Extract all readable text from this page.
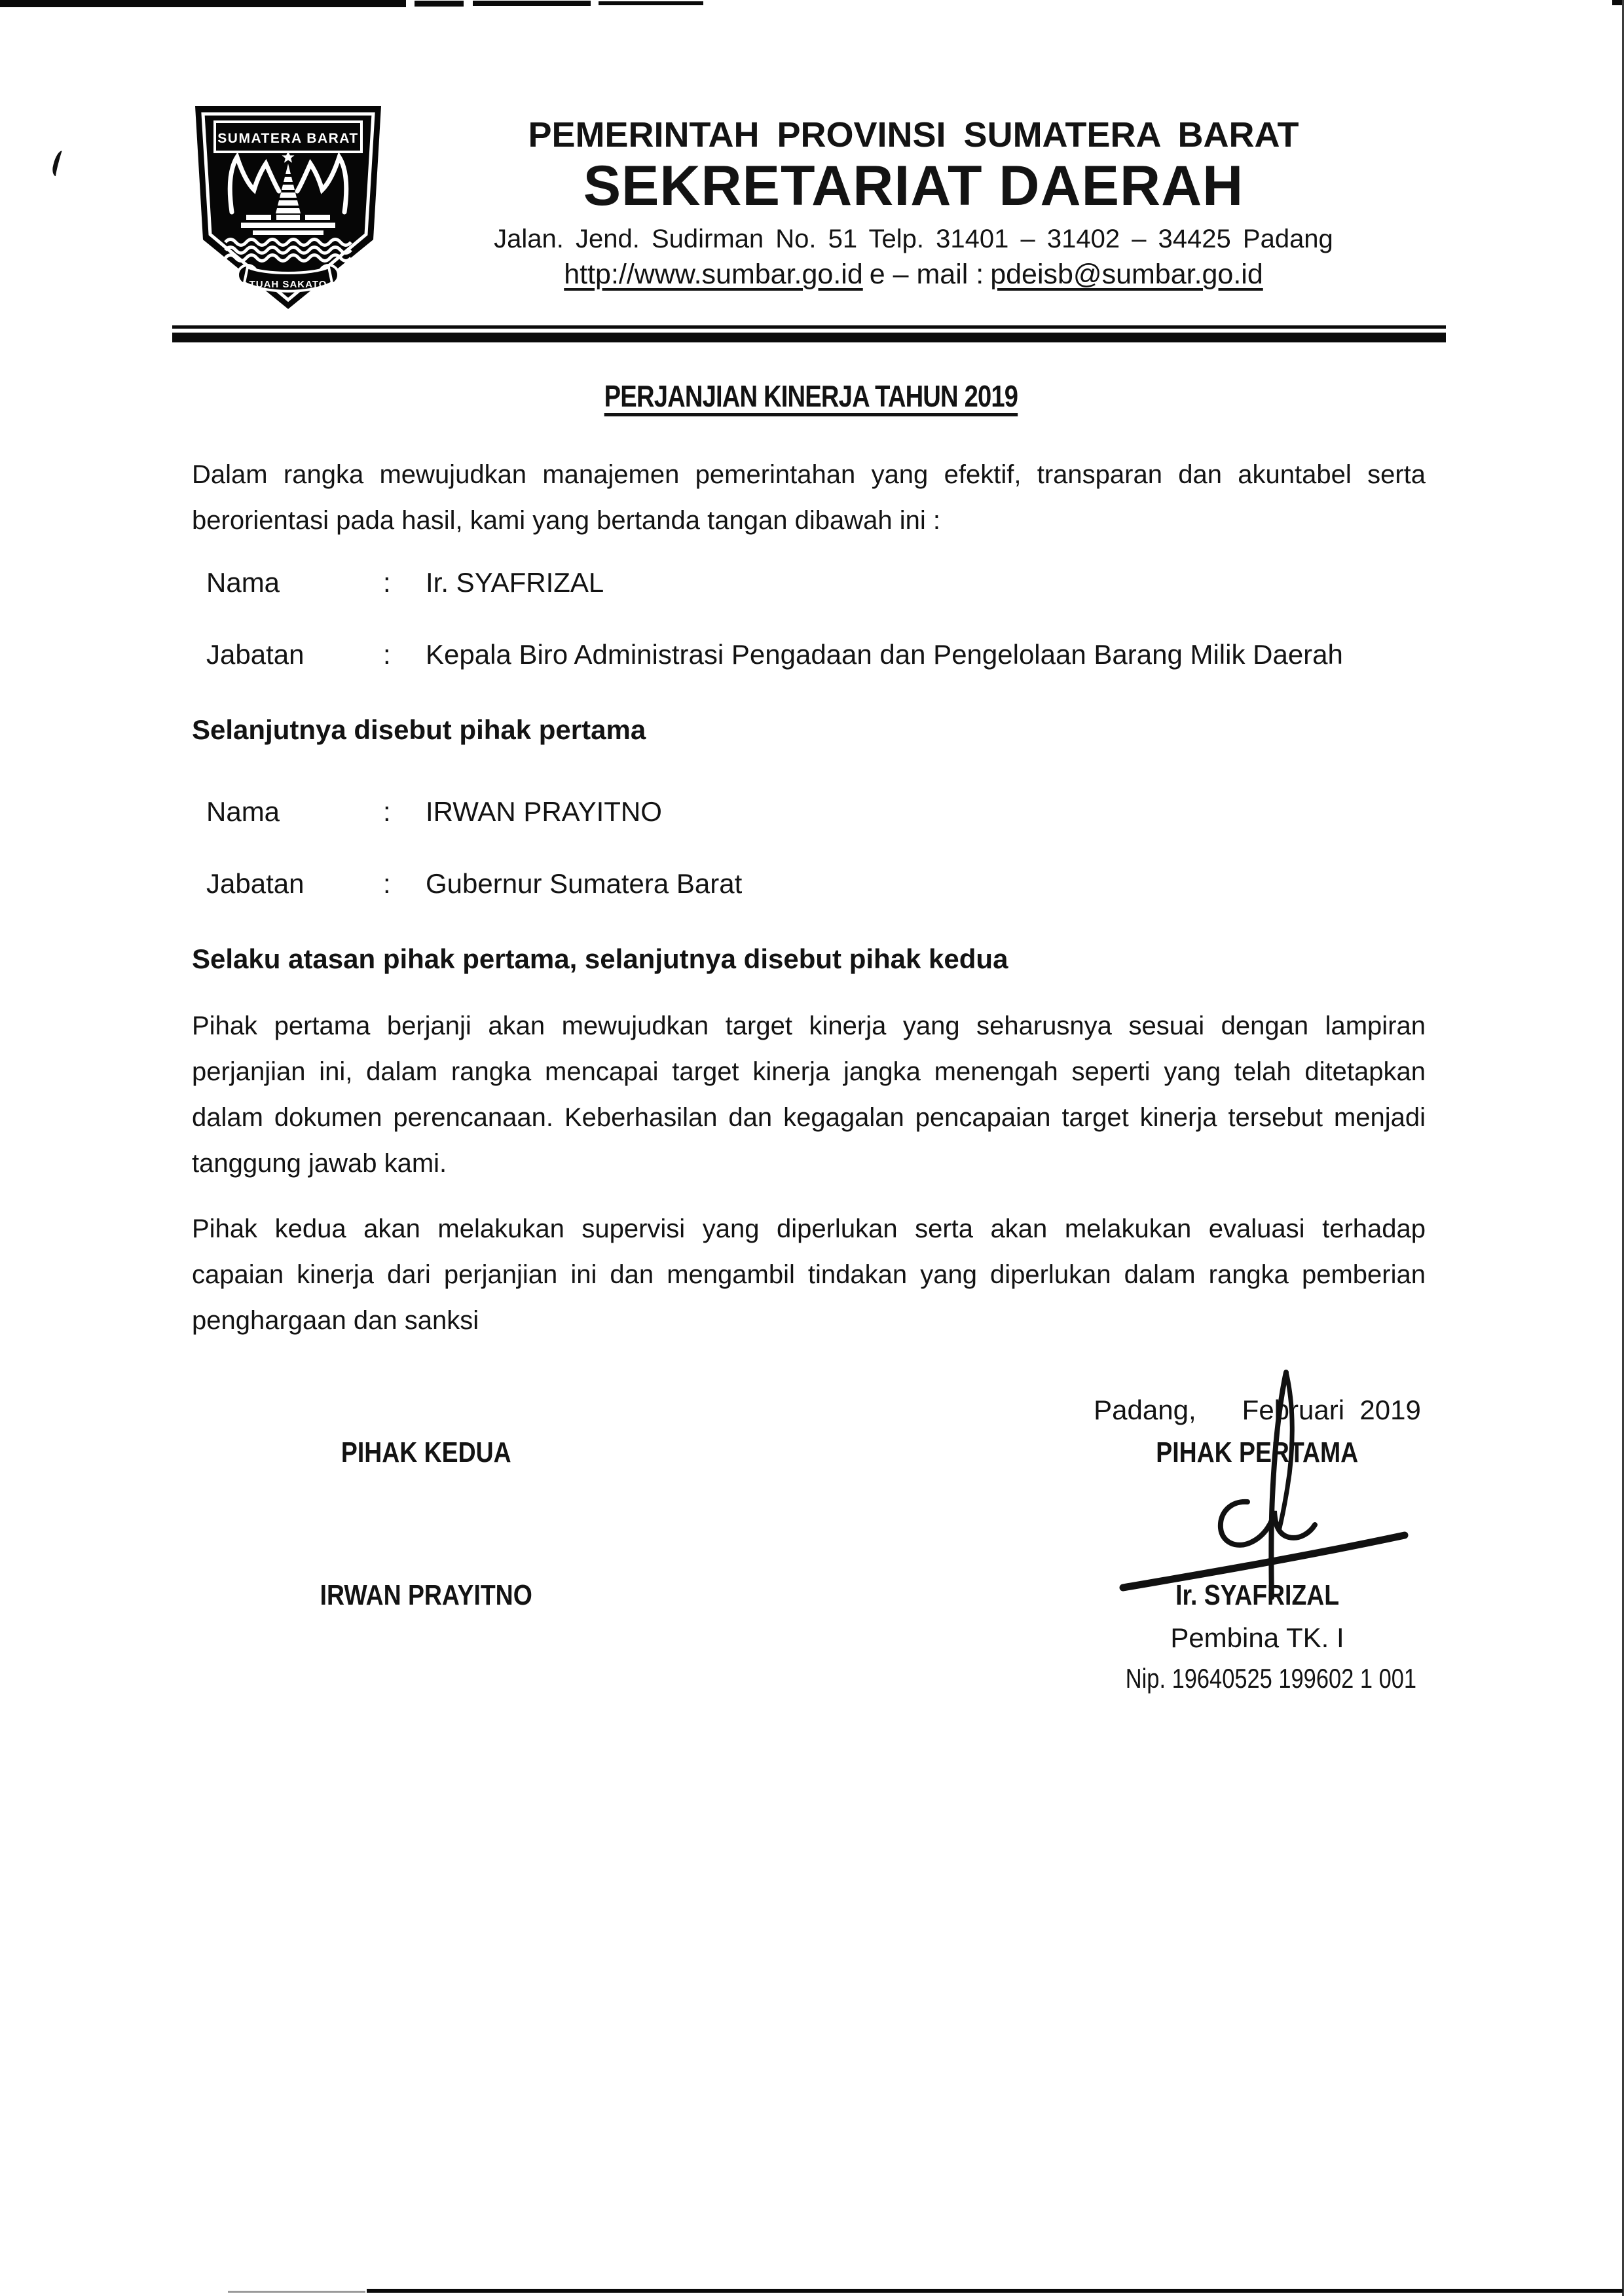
SUMATERA BARAT
TUAH SAKATO
PEMERINTAH PROVINSI SUMATERA BARAT
SEKRETARIAT DAERAH
Jalan. Jend. Sudirman No. 51 Telp. 31401 – 31402 – 34425 Padang
http://www.sumbar.go.id e – mail : pdeisb@sumbar.go.id
PERJANJIAN KINERJA TAHUN 2019
Dalam rangka mewujudkan manajemen pemerintahan yang efektif, transparan dan akuntabel serta
berorientasi pada hasil, kami yang bertanda tangan dibawah ini :
Nama	:	Ir. SYAFRIZAL
Jabatan	:	Kepala Biro Administrasi Pengadaan dan Pengelolaan Barang Milik Daerah
Selanjutnya disebut pihak pertama
Nama	:	IRWAN PRAYITNO
Jabatan	:	Gubernur Sumatera Barat
Selaku atasan pihak pertama, selanjutnya disebut pihak kedua
Pihak pertama berjanji akan mewujudkan target kinerja yang seharusnya sesuai dengan lampiran
perjanjian ini, dalam rangka mencapai target kinerja jangka menengah seperti yang telah ditetapkan
dalam dokumen perencanaan. Keberhasilan dan kegagalan pencapaian target kinerja tersebut menjadi
tanggung jawab kami.
Pihak kedua akan melakukan supervisi yang diperlukan serta akan melakukan evaluasi terhadap
capaian kinerja dari perjanjian ini dan mengambil tindakan yang diperlukan dalam rangka pemberian
penghargaan dan sanksi
Padang,      Februari  2019
PIHAK KEDUA	PIHAK PERTAMA
IRWAN PRAYITNO	Ir. SYAFRIZAL
Pembina TK. I
Nip. 19640525 199602 1 001
